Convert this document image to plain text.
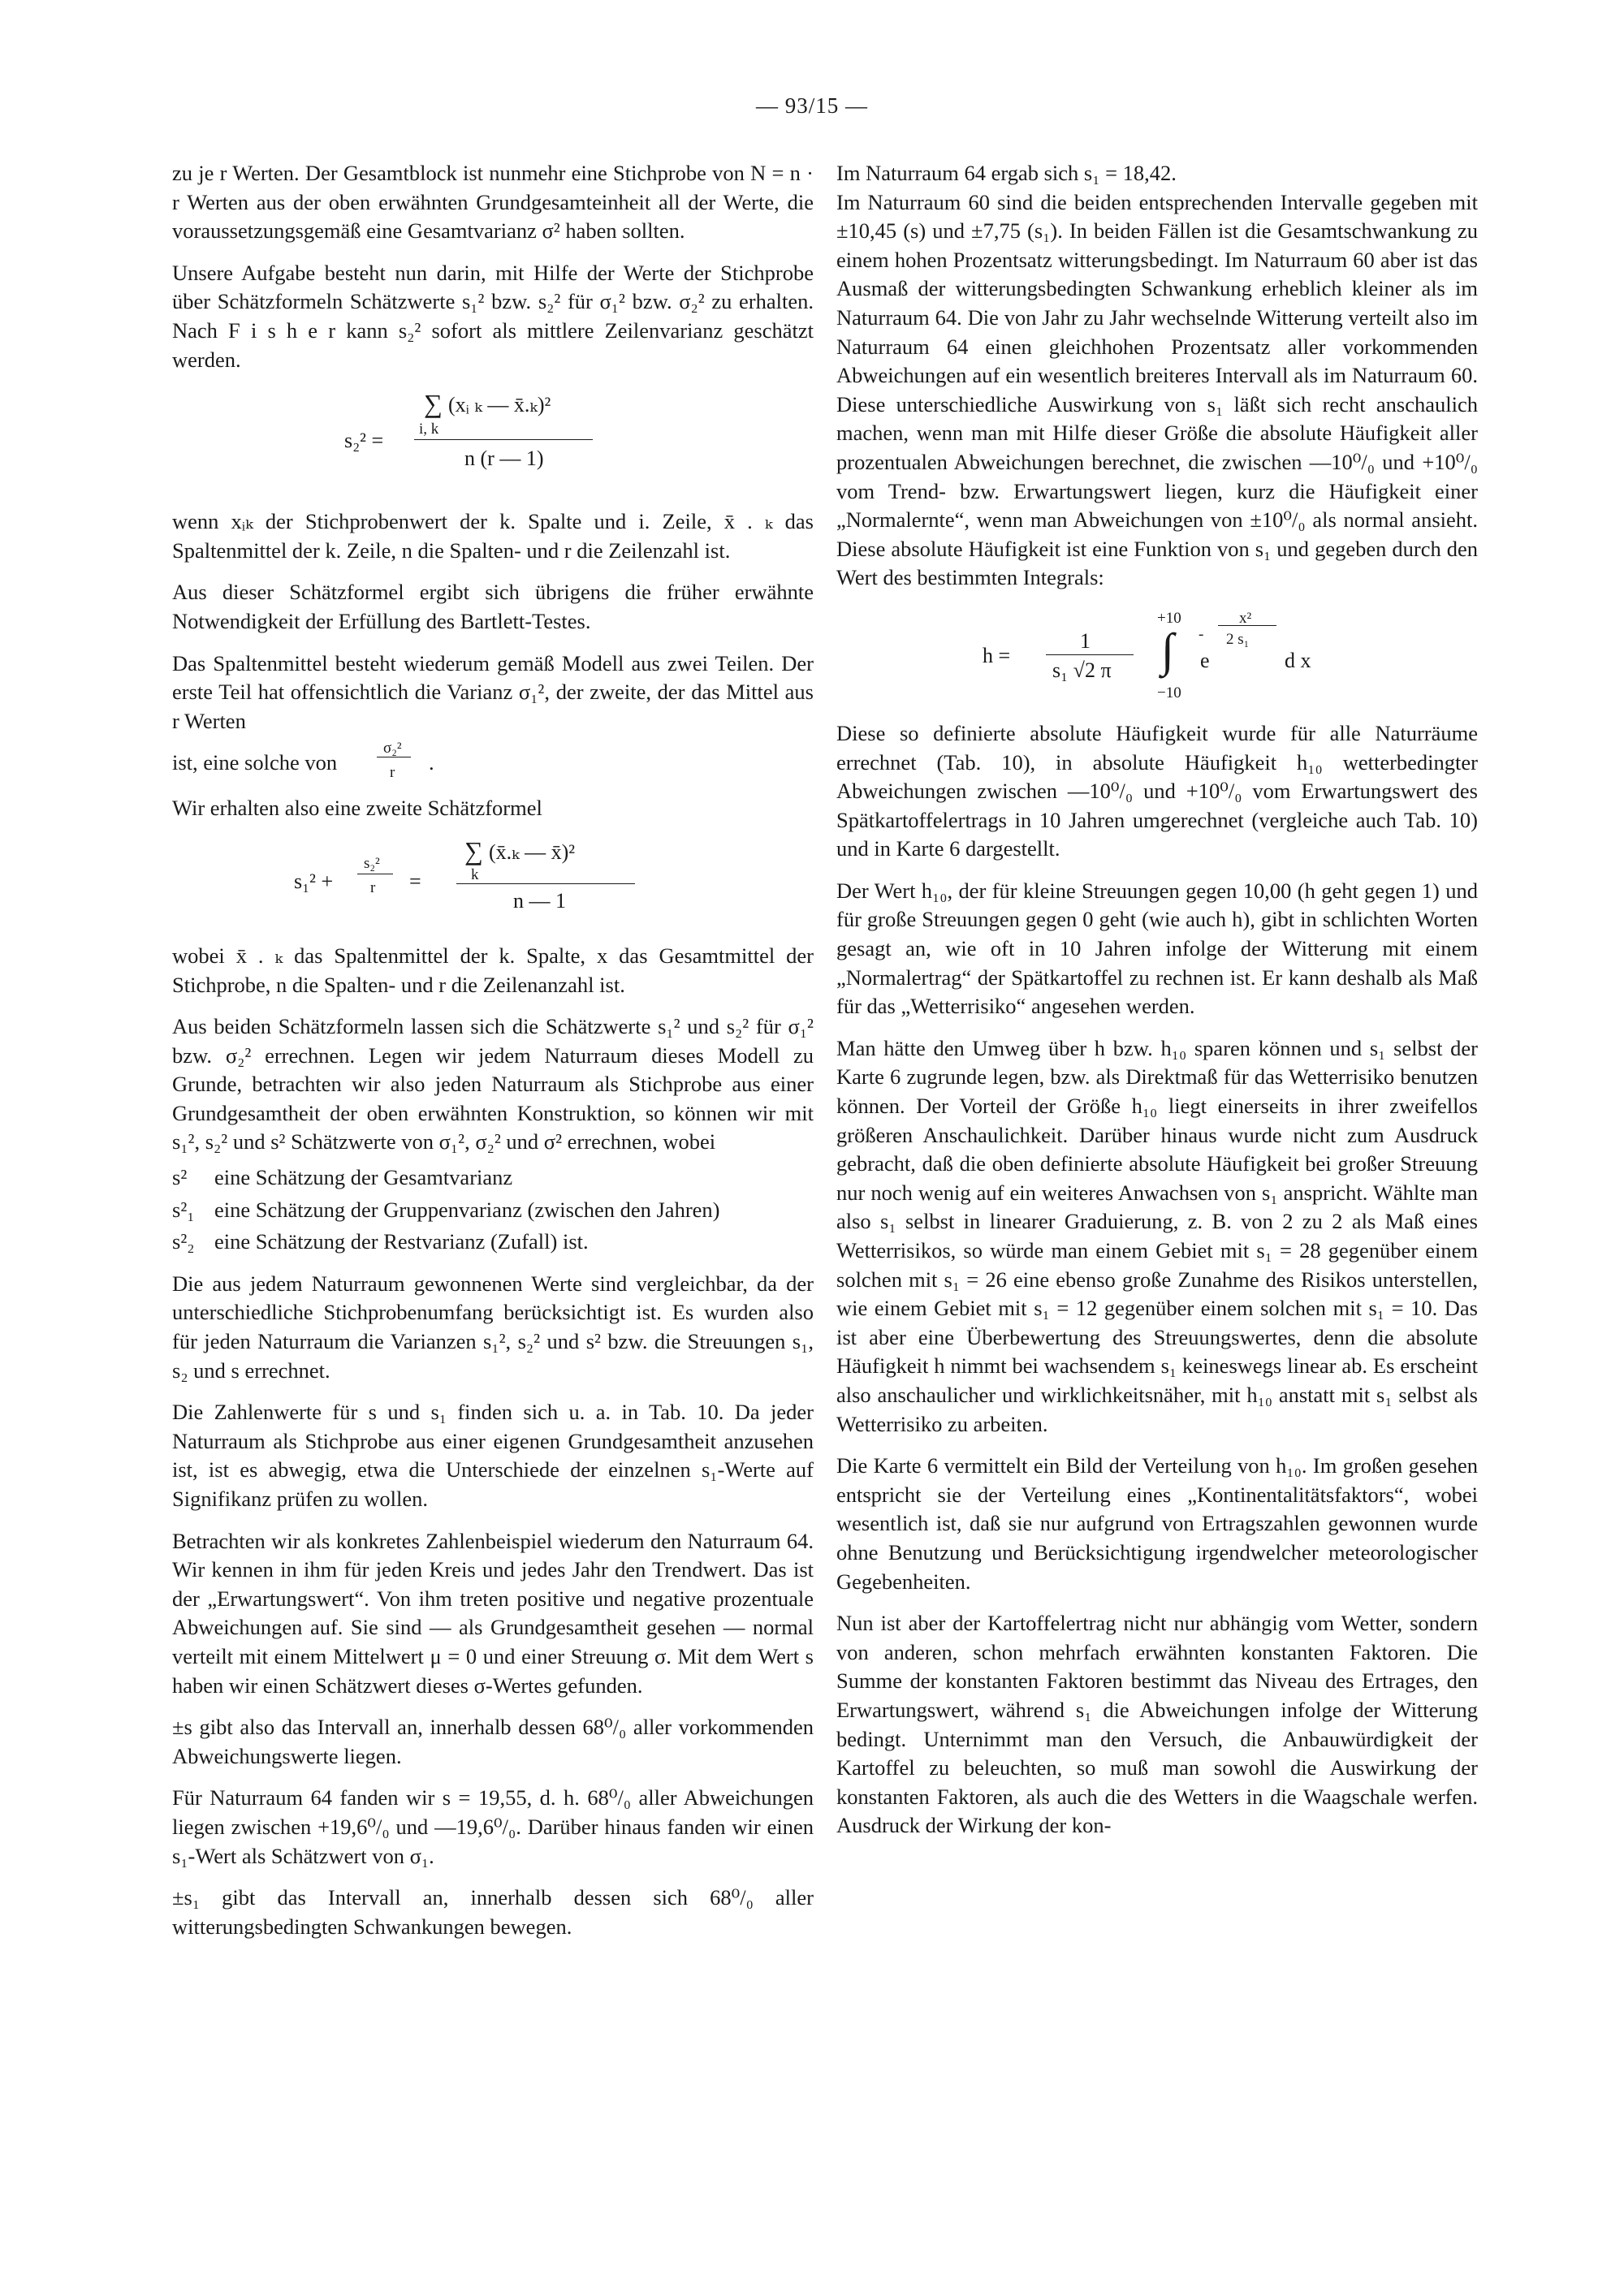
— 93/15 —

zu je r Werten. Der Gesamtblock ist nunmehr eine Stichprobe von N = n · r Werten aus der oben erwähnten Grundgesamteinheit all der Werte, die voraussetzungsgemäß eine Gesamtvarianz σ² haben sollten.

Unsere Aufgabe besteht nun darin, mit Hilfe der Werte der Stichprobe über Schätzformeln Schätzwerte s₁² bzw. s₂² für σ₁² bzw. σ₂² zu erhalten. Nach F i s h e r kann s₂² sofort als mittlere Zeilenvarianz geschätzt werden.

s₂² =
∑ (xᵢ ₖ — x̄.ₖ)²
i, k
n (r — 1)

wenn xᵢₖ der Stichprobenwert der k. Spalte und i. Zeile, x̄ . ₖ das Spaltenmittel der k. Zeile, n die Spalten- und r die Zeilenzahl ist.

Aus dieser Schätzformel ergibt sich übrigens die früher erwähnte Notwendigkeit der Erfüllung des Bartlett-Testes.

Das Spaltenmittel besteht wiederum gemäß Modell aus zwei Teilen. Der erste Teil hat offensichtlich die Varianz σ₁², der zweite, der das Mittel aus r Werten

ist, eine solche von
σ₂²
r .

Wir erhalten also eine zweite Schätzformel

s₁² +
s₂²
r =
∑ (x̄.ₖ — x̄)²
k
n — 1

wobei x̄ . ₖ das Spaltenmittel der k. Spalte, x das Gesamtmittel der Stichprobe, n die Spalten- und r die Zeilenanzahl ist.

Aus beiden Schätzformeln lassen sich die Schätzwerte s₁² und s₂² für σ₁² bzw. σ₂² errechnen. Legen wir jedem Naturraum dieses Modell zu Grunde, betrachten wir also jeden Naturraum als Stichprobe aus einer Grundgesamtheit der oben erwähnten Konstruktion, so können wir mit s₁², s₂² und s² Schätzwerte von σ₁², σ₂² und σ² errechnen, wobei

s²	eine Schätzung der Gesamtvarianz
s²₁ eine Schätzung der Gruppenvarianz (zwischen den Jahren)
s²₂ eine Schätzung der Restvarianz (Zufall) ist.

Die aus jedem Naturraum gewonnenen Werte sind vergleichbar, da der unterschiedliche Stichprobenumfang berücksichtigt ist. Es wurden also für jeden Naturraum die Varianzen s₁², s₂² und s² bzw. die Streuungen s₁, s₂ und s errechnet.

Die Zahlenwerte für s und s₁ finden sich u. a. in Tab. 10. Da jeder Naturraum als Stichprobe aus einer eigenen Grundgesamtheit anzusehen ist, ist es abwegig, etwa die Unterschiede der einzelnen s₁-Werte auf Signifikanz prüfen zu wollen.

Betrachten wir als konkretes Zahlenbeispiel wiederum den Naturraum 64. Wir kennen in ihm für jeden Kreis und jedes Jahr den Trendwert. Das ist der „Erwartungswert“. Von ihm treten positive und negative prozentuale Abweichungen auf. Sie sind — als Grundgesamtheit gesehen — normal verteilt mit einem Mittelwert μ = 0 und einer Streuung σ. Mit dem Wert s haben wir einen Schätzwert dieses σ-Wertes gefunden.

±s gibt also das Intervall an, innerhalb dessen 68⁰/₀ aller vorkommenden Abweichungswerte liegen.

Für Naturraum 64 fanden wir s = 19,55, d. h. 68⁰/₀ aller Abweichungen liegen zwischen +19,6⁰/₀ und —19,6⁰/₀. Darüber hinaus fanden wir einen s₁-Wert als Schätzwert von σ₁.

±s₁ gibt das Intervall an, innerhalb dessen sich 68⁰/₀ aller witterungsbedingten Schwankungen bewegen.

Im Naturraum 64 ergab sich s₁ = 18,42.

Im Naturraum 60 sind die beiden entsprechenden Intervalle gegeben mit ±10,45 (s) und ±7,75 (s₁). In beiden Fällen ist die Gesamtschwankung zu einem hohen Prozentsatz witterungsbedingt. Im Naturraum 60 aber ist das Ausmaß der witterungsbedingten Schwankung erheblich kleiner als im Naturraum 64. Die von Jahr zu Jahr wechselnde Witterung verteilt also im Naturraum 64 einen gleichhohen Prozentsatz aller vorkommenden Abweichungen auf ein wesentlich breiteres Intervall als im Naturraum 60. Diese unterschiedliche Auswirkung von s₁ läßt sich recht anschaulich machen, wenn man mit Hilfe dieser Größe die absolute Häufigkeit aller prozentualen Abweichungen berechnet, die zwischen —10⁰/₀ und +10⁰/₀ vom Trend- bzw. Erwartungswert liegen, kurz die Häufigkeit einer „Normalernte“, wenn man Abweichungen von ±10⁰/₀ als normal ansieht. Diese absolute Häufigkeit ist eine Funktion von s₁ und gegeben durch den Wert des bestimmten Integrals:

h =
1
s₁ √2 π
+10
∫
−10
e
-
x²
2 s₁
d x

Diese so definierte absolute Häufigkeit wurde für alle Naturräume errechnet (Tab. 10), in absolute Häufigkeit h₁₀ wetterbedingter Abweichungen zwischen —10⁰/₀ und +10⁰/₀ vom Erwartungswert des Spätkartoffelertrags in 10 Jahren umgerechnet (vergleiche auch Tab. 10) und in Karte 6 dargestellt.

Der Wert h₁₀, der für kleine Streuungen gegen 10,00 (h geht gegen 1) und für große Streuungen gegen 0 geht (wie auch h), gibt in schlichten Worten gesagt an, wie oft in 10 Jahren infolge der Witterung mit einem „Normalertrag“ der Spätkartoffel zu rechnen ist. Er kann deshalb als Maß für das „Wetterrisiko“ angesehen werden.

Man hätte den Umweg über h bzw. h₁₀ sparen können und s₁ selbst der Karte 6 zugrunde legen, bzw. als Direktmaß für das Wetterrisiko benutzen können. Der Vorteil der Größe h₁₀ liegt einerseits in ihrer zweifellos größeren Anschaulichkeit. Darüber hinaus wurde nicht zum Ausdruck gebracht, daß die oben definierte absolute Häufigkeit bei großer Streuung nur noch wenig auf ein weiteres Anwachsen von s₁ anspricht. Wählte man also s₁ selbst in linearer Graduierung, z. B. von 2 zu 2 als Maß eines Wetterrisikos, so würde man einem Gebiet mit s₁ = 28 gegenüber einem solchen mit s₁ = 26 eine ebenso große Zunahme des Risikos unterstellen, wie einem Gebiet mit s₁ = 12 gegenüber einem solchen mit s₁ = 10. Das ist aber eine Überbewertung des Streuungswertes, denn die absolute Häufigkeit h nimmt bei wachsendem s₁ keineswegs linear ab. Es erscheint also anschaulicher und wirklichkeitsnäher, mit h₁₀ anstatt mit s₁ selbst als Wetterrisiko zu arbeiten.

Die Karte 6 vermittelt ein Bild der Verteilung von h₁₀. Im großen gesehen entspricht sie der Verteilung eines „Kontinentalitätsfaktors“, wobei wesentlich ist, daß sie nur aufgrund von Ertragszahlen gewonnen wurde ohne Benutzung und Berücksichtigung irgendwelcher meteorologischer Gegebenheiten.

Nun ist aber der Kartoffelertrag nicht nur abhängig vom Wetter, sondern von anderen, schon mehrfach erwähnten konstanten Faktoren. Die Summe der konstanten Faktoren bestimmt das Niveau des Ertrages, den Erwartungswert, während s₁ die Abweichungen infolge der Witterung bedingt. Unternimmt man den Versuch, die Anbauwürdigkeit der Kartoffel zu beleuchten, so muß man sowohl die Auswirkung der konstanten Faktoren, als auch die des Wetters in die Waagschale werfen. Ausdruck der Wirkung der kon-
